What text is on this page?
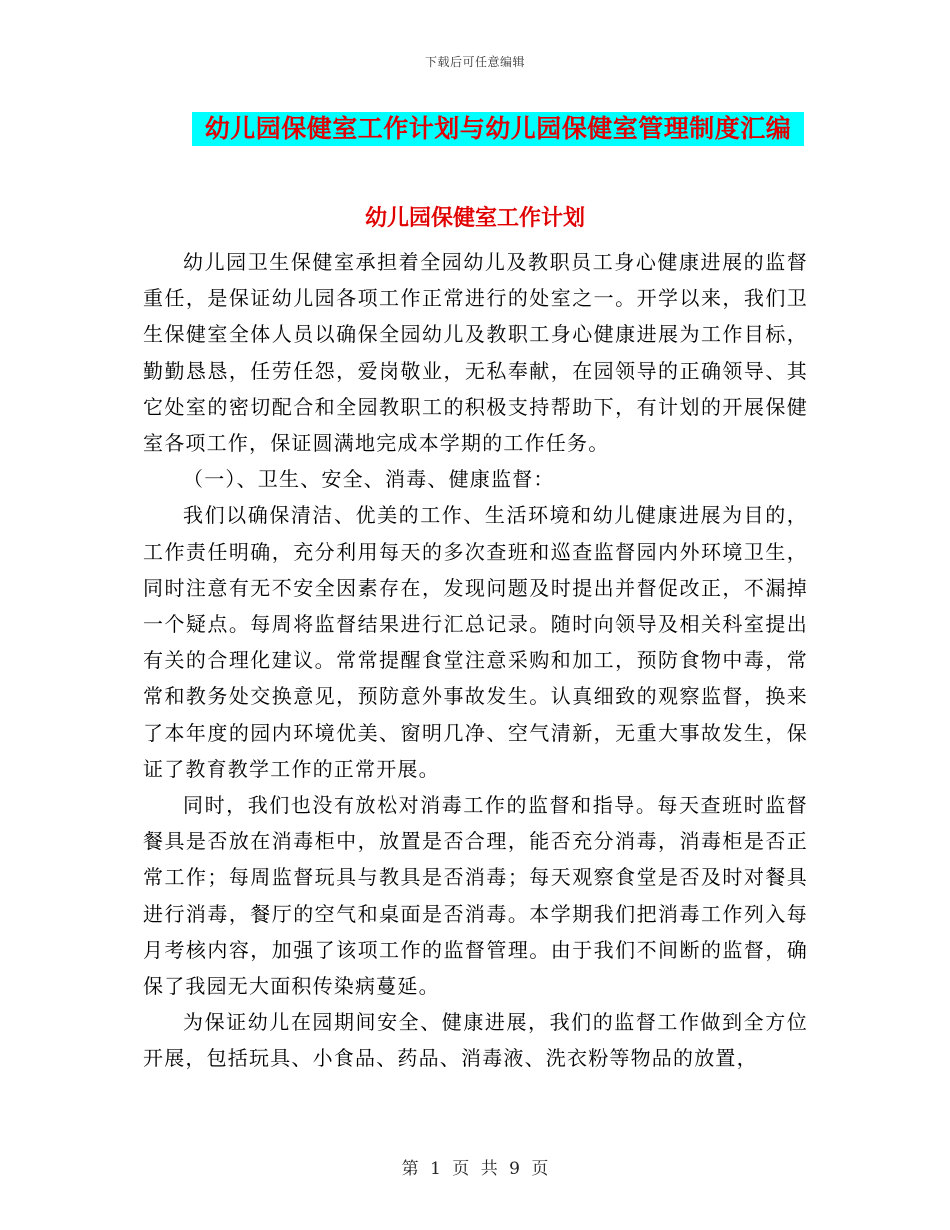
下载后可任意编辑
幼儿园保健室工作计划与幼儿园保健室管理制度汇编
幼儿园保健室工作计划

幼儿园卫生保健室承担着全园幼儿及教职员工身心健康进展的监督重任，是保证幼儿园各项工作正常进行的处室之一。开学以来，我们卫生保健室全体人员以确保全园幼儿及教职工身心健康进展为工作目标，勤勤恳恳，任劳任怨，爱岗敬业，无私奉献，在园领导的正确领导、其它处室的密切配合和全园教职工的积极支持帮助下，有计划的开展保健室各项工作，保证圆满地完成本学期的工作任务。

（一）、卫生、安全、消毒、健康监督：

我们以确保清洁、优美的工作、生活环境和幼儿健康进展为目的，工作责任明确，充分利用每天的多次查班和巡查监督园内外环境卫生，同时注意有无不安全因素存在，发现问题及时提出并督促改正，不漏掉一个疑点。每周将监督结果进行汇总记录。随时向领导及相关科室提出有关的合理化建议。常常提醒食堂注意采购和加工，预防食物中毒，常常和教务处交换意见，预防意外事故发生。认真细致的观察监督，换来了本年度的园内环境优美、窗明几净、空气清新，无重大事故发生，保证了教育教学工作的正常开展。

同时，我们也没有放松对消毒工作的监督和指导。每天查班时监督餐具是否放在消毒柜中，放置是否合理，能否充分消毒，消毒柜是否正常工作；每周监督玩具与教具是否消毒；每天观察食堂是否及时对餐具进行消毒，餐厅的空气和桌面是否消毒。本学期我们把消毒工作列入每月考核内容，加强了该项工作的监督管理。由于我们不间断的监督，确保了我园无大面积传染病蔓延。

为保证幼儿在园期间安全、健康进展，我们的监督工作做到全方位开展，包括玩具、小食品、药品、消毒液、洗衣粉等物品的放置，

第 1 页 共 9 页
